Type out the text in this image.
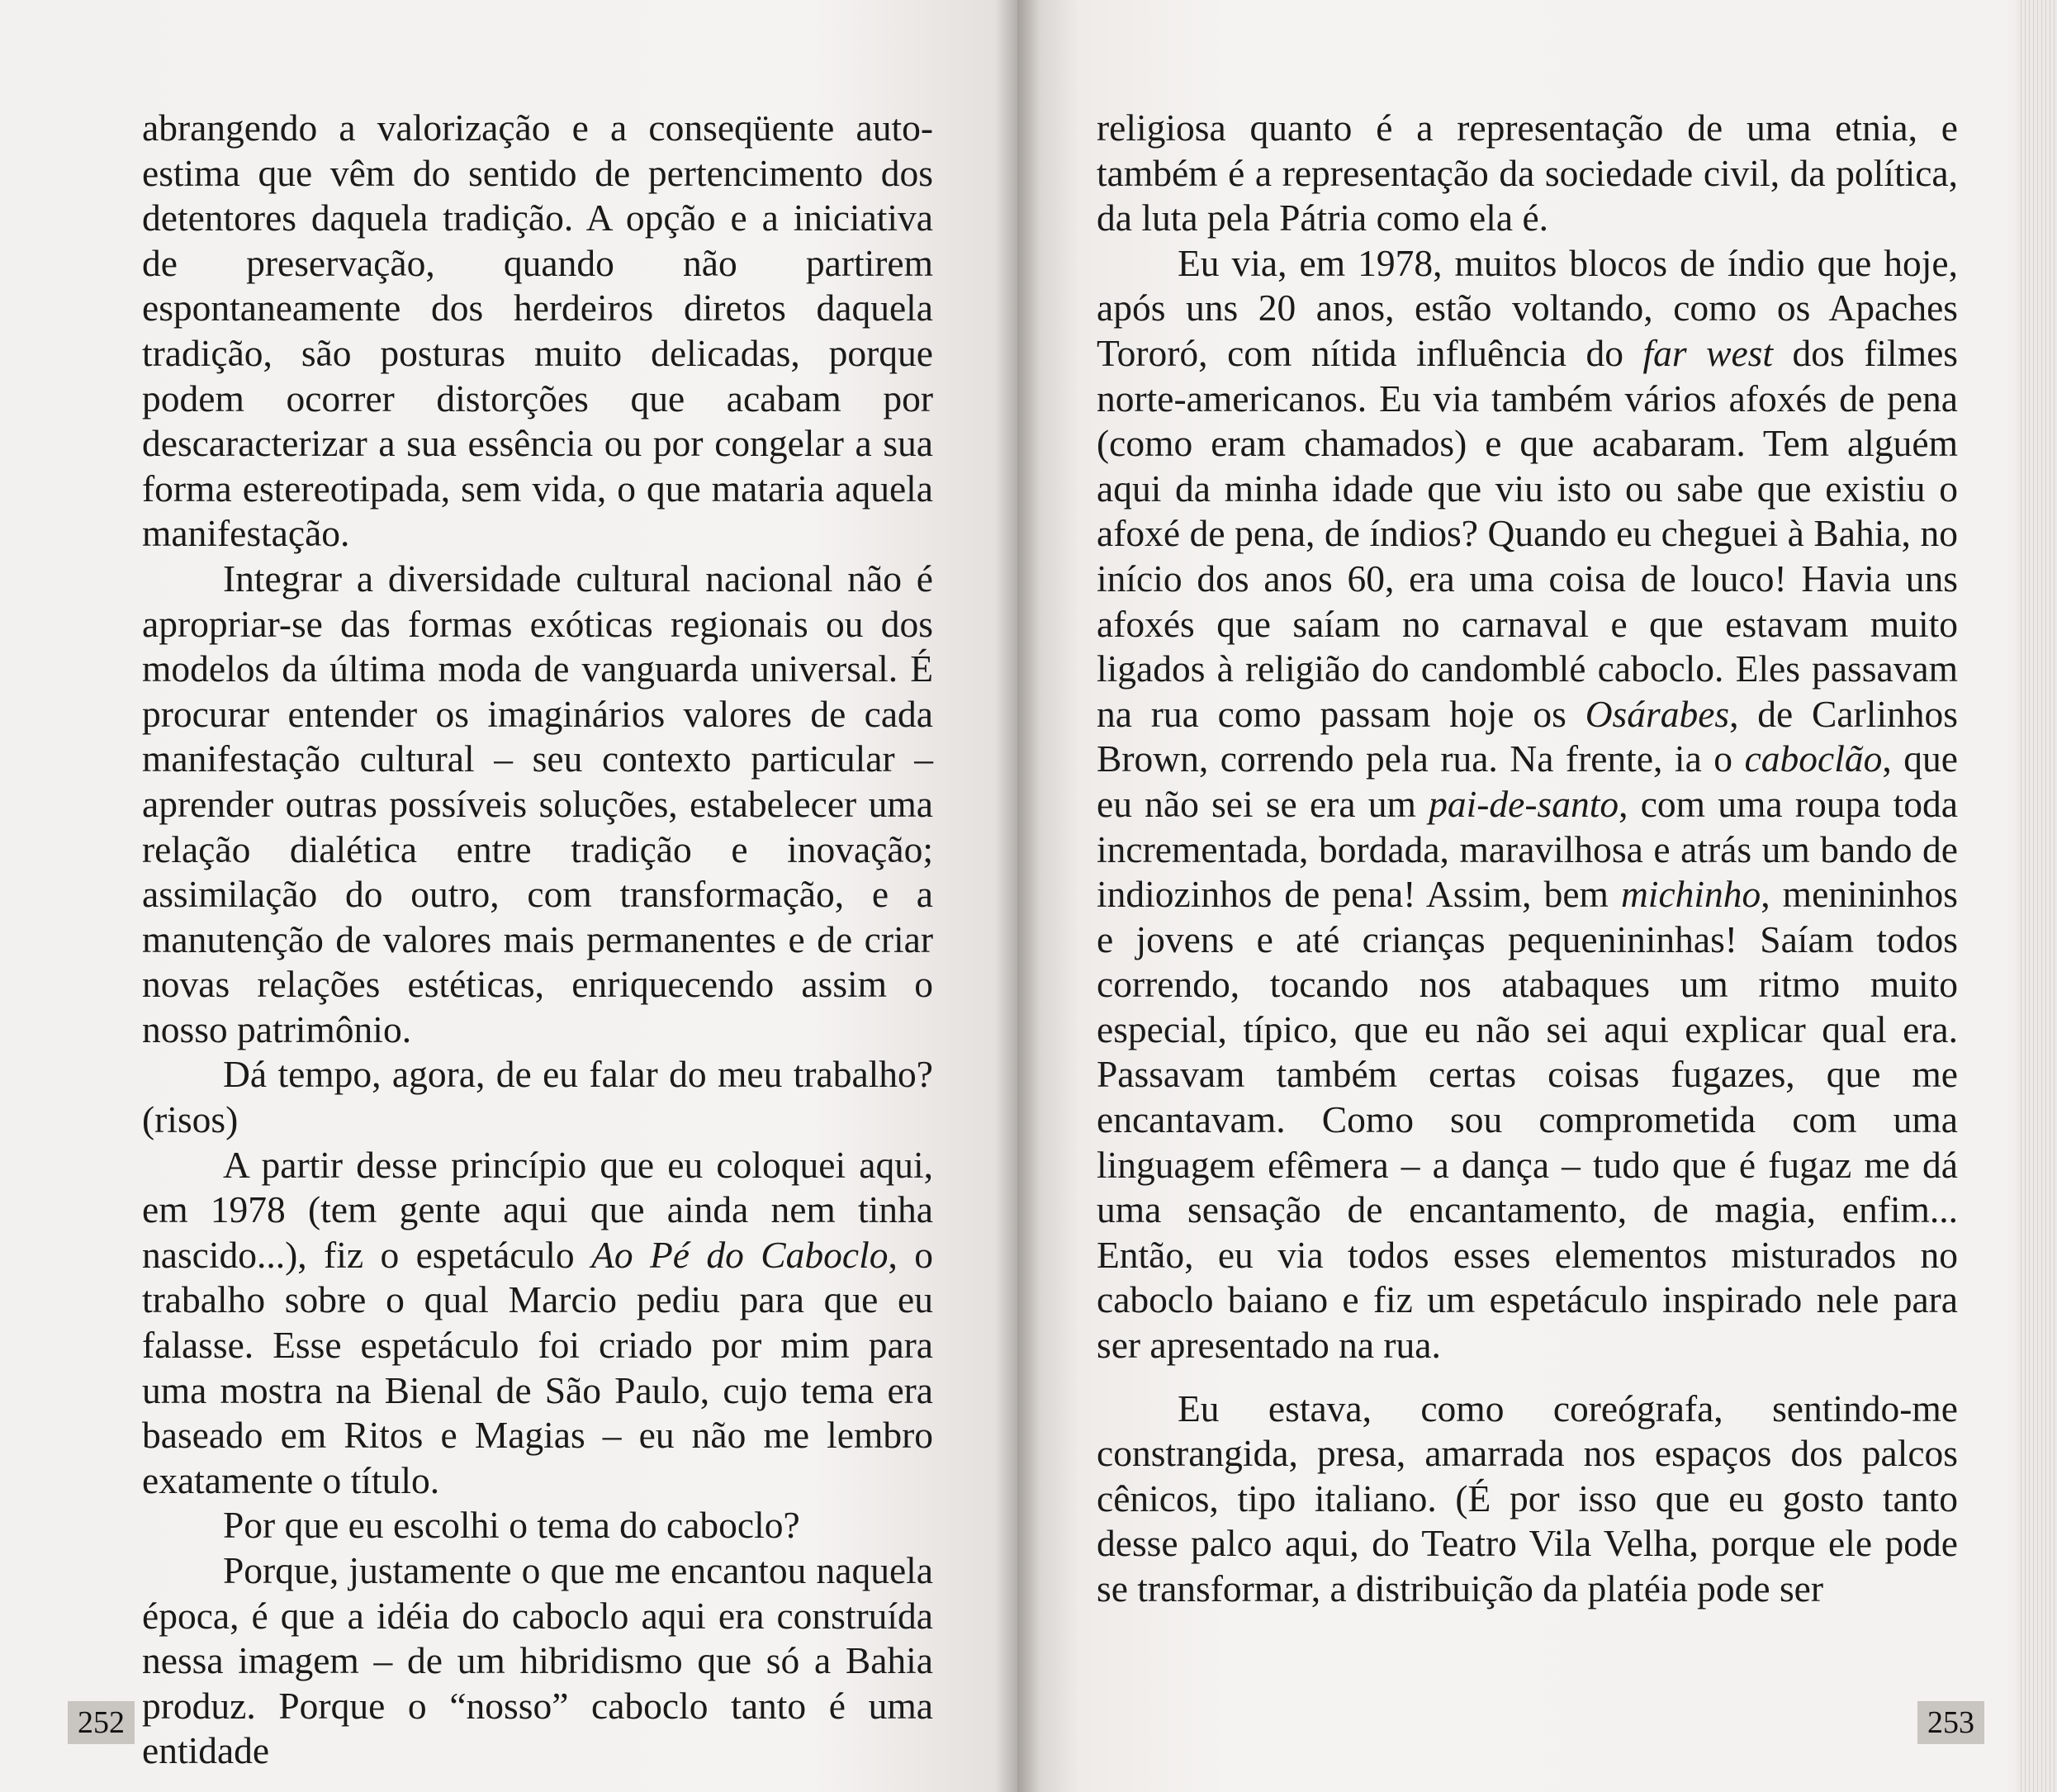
abrangendo a valorização e a conseqüente auto-estima que vêm do sentido de pertencimento dos detentores daquela tradição. A opção e a iniciativa de preservação, quando não partirem espontaneamente dos herdeiros diretos daquela tradição, são posturas muito delicadas, porque podem ocorrer distorções que acabam por descaracterizar a sua essência ou por congelar a sua forma estereotipada, sem vida, o que mataria aquela manifestação.

Integrar a diversidade cultural nacional não é apropriar-se das formas exóticas regionais ou dos modelos da última moda de vanguarda universal. É procurar entender os imaginários valores de cada manifestação cultural – seu contexto particular – aprender outras possíveis soluções, estabelecer uma relação dialética entre tradição e inovação; assimilação do outro, com transformação, e a manutenção de valores mais permanentes e de criar novas relações estéticas, enriquecendo assim o nosso patrimônio.

Dá tempo, agora, de eu falar do meu trabalho? (risos)

A partir desse princípio que eu coloquei aqui, em 1978 (tem gente aqui que ainda nem tinha nascido...), fiz o espetáculo Ao Pé do Caboclo, o trabalho sobre o qual Marcio pediu para que eu falasse. Esse espetáculo foi criado por mim para uma mostra na Bienal de São Paulo, cujo tema era baseado em Ritos e Magias – eu não me lembro exatamente o título.

Por que eu escolhi o tema do caboclo?

Porque, justamente o que me encantou naquela época, é que a idéia do caboclo aqui era construída nessa imagem – de um hibridismo que só a Bahia produz. Porque o “nosso” caboclo tanto é uma entidade

252

religiosa quanto é a representação de uma etnia, e também é a representação da sociedade civil, da política, da luta pela Pátria como ela é.

Eu via, em 1978, muitos blocos de índio que hoje, após uns 20 anos, estão voltando, como os Apaches Tororó, com nítida influência do far west dos filmes norte-americanos. Eu via também vários afoxés de pena (como eram chamados) e que acabaram. Tem alguém aqui da minha idade que viu isto ou sabe que existiu o afoxé de pena, de índios? Quando eu cheguei à Bahia, no início dos anos 60, era uma coisa de louco! Havia uns afoxés que saíam no carnaval e que estavam muito ligados à religião do candomblé caboclo. Eles passavam na rua como passam hoje os Osárabes, de Carlinhos Brown, correndo pela rua. Na frente, ia o caboclão, que eu não sei se era um pai-de-santo, com uma roupa toda incrementada, bordada, maravilhosa e atrás um bando de indiozinhos de pena! Assim, bem michinho, menininhos e jovens e até crianças pequenininhas! Saíam todos correndo, tocando nos atabaques um ritmo muito especial, típico, que eu não sei aqui explicar qual era. Passavam também certas coisas fugazes, que me encantavam. Como sou comprometida com uma linguagem efêmera – a dança – tudo que é fugaz me dá uma sensação de encantamento, de magia, enfim... Então, eu via todos esses elementos misturados no caboclo baiano e fiz um espetáculo inspirado nele para ser apresentado na rua.

Eu estava, como coreógrafa, sentindo-me constrangida, presa, amarrada nos espaços dos palcos cênicos, tipo italiano. (É por isso que eu gosto tanto desse palco aqui, do Teatro Vila Velha, porque ele pode se transformar, a distribuição da platéia pode ser

253
